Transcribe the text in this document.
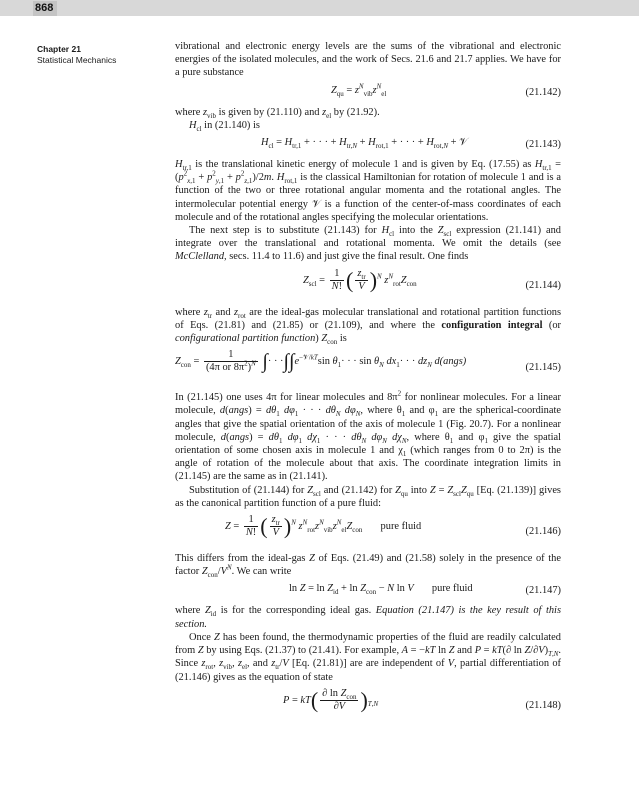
868
Chapter 21
Statistical Mechanics

vibrational and electronic energy levels are the sums of the vibrational and electronic energies of the isolated molecules, and the work of Secs. 21.6 and 21.7 applies. We have for a pure substance

$Z_{qu} = z^N_{vib}z^N_{el}$	(21.142)

where $z_{vib}$ is given by (21.110) and $z_{el}$ by (21.92).

$H_{cl}$ in (21.140) is

$H_{cl} = H_{tr,1}$ + · · · + $H_{tr,N} + H_{rot,1}$ + · · · + $H_{rot,N}$ + 𝒱	(21.143)

$H_{tr,1}$ is the translational kinetic energy of molecule 1 and is given by Eq. (17.55) as $H_{tr,1} = (p^2_{x,1} + p^2_{y,1} + p^2_{z,1})/2m$. $H_{rot,1}$ is the classical Hamiltonian for rotation of molecule 1 and is a function of the two or three rotational angular momenta and the rotational angles. The intermolecular potential energy 𝒱 is a function of the center-of-mass coordinates of each molecule and of the rotational angles specifying the molecular orientations.

The next step is to substitute (21.143) for $H_{cl}$ into the $Z_{scl}$ expression (21.141) and integrate over the translational and rotational momenta. We omit the details (see McClelland, secs. 11.4 to 11.6) and just give the final result. One finds

$Z_{scl} = \frac{1}{N!}$ ( $\frac{z_{tr}}{V} )^N$ $z^N_{rot}Z_{con}$	(21.144)

where $z_{tr}$ and $z_{rot}$ are the ideal-gas molecular translational and rotational partition functions of Eqs. (21.81) and (21.85) or (21.109), and where the configuration integral (or configurational partition function) $Z_{con}$ is

$Z_{con} = \frac{1}{(4\pi or 8\pi^2)^N}$ ∫· · $\cdot\int\int e^{-𝒱/kT}\sin$ $\theta_1\cdot$ · · $\sin \theta_N$ $dx_1\cdot$ · · $dz_N$ d(angs)
(21.145)

In (21.145) one uses 4π for linear molecules and $8\pi^2$ for nonlinear molecules. For a linear molecule, d(angs) = $d\theta_1$ $d\varphi_1$ · · · $d\theta_N$ $d\varphi_N$, where $\theta_1$ and $\varphi_1$ are the spherical-coordinate angles that give the spatial orientation of the axis of molecule 1 (Fig. 20.7). For a nonlinear molecule, d(angs) = $d\theta_1$ $d\varphi_1$ $d\chi_1$ · · · $d\theta_N$ $d\varphi_N$ $d\chi_N$, where $\theta_1$ and $\varphi_1$ give the spatial orientation of some chosen axis in molecule 1 and $\chi_1$ (which ranges from 0 to 2π) is the angle of rotation of the molecule about that axis. The coordinate integration limits in (21.145) are the same as in (21.141).

Substitution of (21.144) for $Z_{scl}$ and (21.142) for $Z_{qu}$ into $Z = Z_{scl}Z_{qu}$ [Eq. (21.139)] gives as the canonical partition function of a pure fluid:

$Z = \frac{1}{N!}$ ( $\frac{z_{tr}}{V} )^N$ $z^N_{rot}z^N_{vib}z^N_{el}Z_{con}$ pure fluid	(21.146)

This differs from the ideal-gas Z of Eqs. (21.49) and (21.58) solely in the presence of the factor $Z_{con}/V^N$. We can write

$\ln Z = \ln Z_{id} + \ln Z_{con} - N$ ln V pure fluid	(21.147)

where $Z_{id}$ is for the corresponding ideal gas. Equation (21.147) is the key result of this section.

Once Z has been found, the thermodynamic properties of the fluid are readily calculated from Z by using Eqs. (21.37) to (21.41). For example, A = −kT ln Z and P = kT(∂ $\ln Z/\partial V)_{T,N}$. Since $z_{rot}$, $z_{vib}$, $z_{el}$, and $z_{tr}/V$ [Eq. (21.81)] are are independent of V, partial differentiation of (21.146) gives as the equation of state

$P = kT( \frac{\partial \ln Z_{con}}{\partial V} )_{T,N}$	(21.148)
